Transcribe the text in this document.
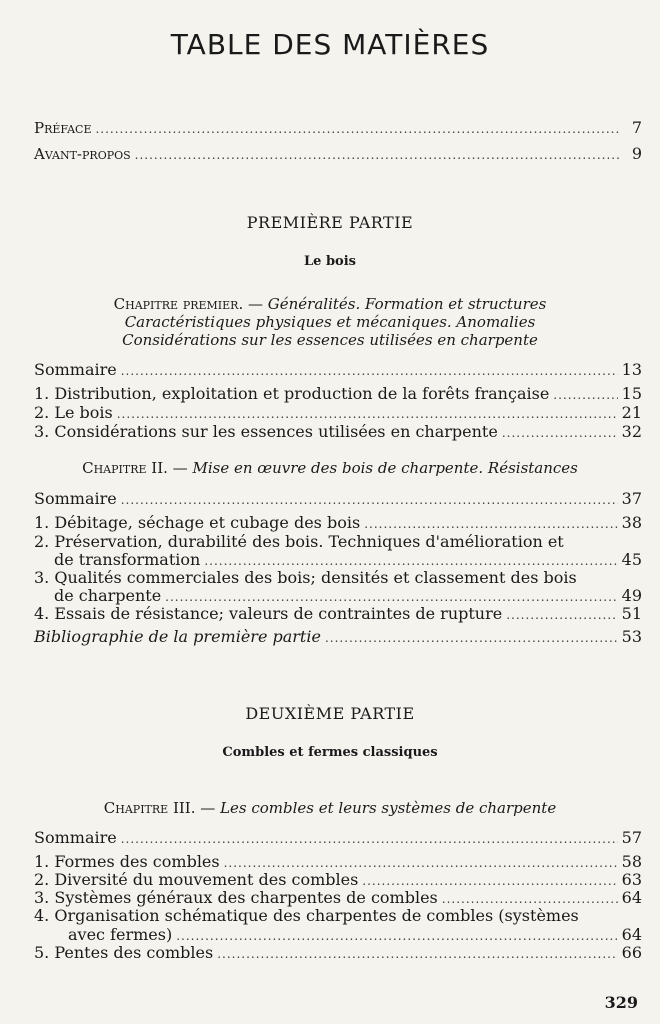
TABLE DES MATIÈRES
Préface .....	7
Avant-propos .....	9
PREMIÈRE PARTIE
Le bois
Chapitre premier. — Généralités. Formation et structures
Caractéristiques physiques et mécaniques. Anomalies
Considérations sur les essences utilisées en charpente
Sommaire .....	13
1. Distribution, exploitation et production de la forêts française .....	15
2. Le bois .....	21
3. Considérations sur les essences utilisées en charpente .....	32
Chapitre II. — Mise en œuvre des bois de charpente. Résistances
Sommaire .....	37
1. Débitage, séchage et cubage des bois .....	38
2. Préservation, durabilité des bois. Techniques d'amélioration et
de transformation .....	45
3. Qualités commerciales des bois; densités et classement des bois
de charpente .....	49
4. Essais de résistance; valeurs de contraintes de rupture .....	51
Bibliographie de la première partie .....	53
DEUXIÈME PARTIE
Combles et fermes classiques
Chapitre III. — Les combles et leurs systèmes de charpente
Sommaire .....	57
1. Formes des combles .....	58
2. Diversité du mouvement des combles .....	63
3. Systèmes généraux des charpentes de combles .....	64
4. Organisation schématique des charpentes de combles (systèmes
avec fermes) .....	64
5. Pentes des combles .....	66
329
